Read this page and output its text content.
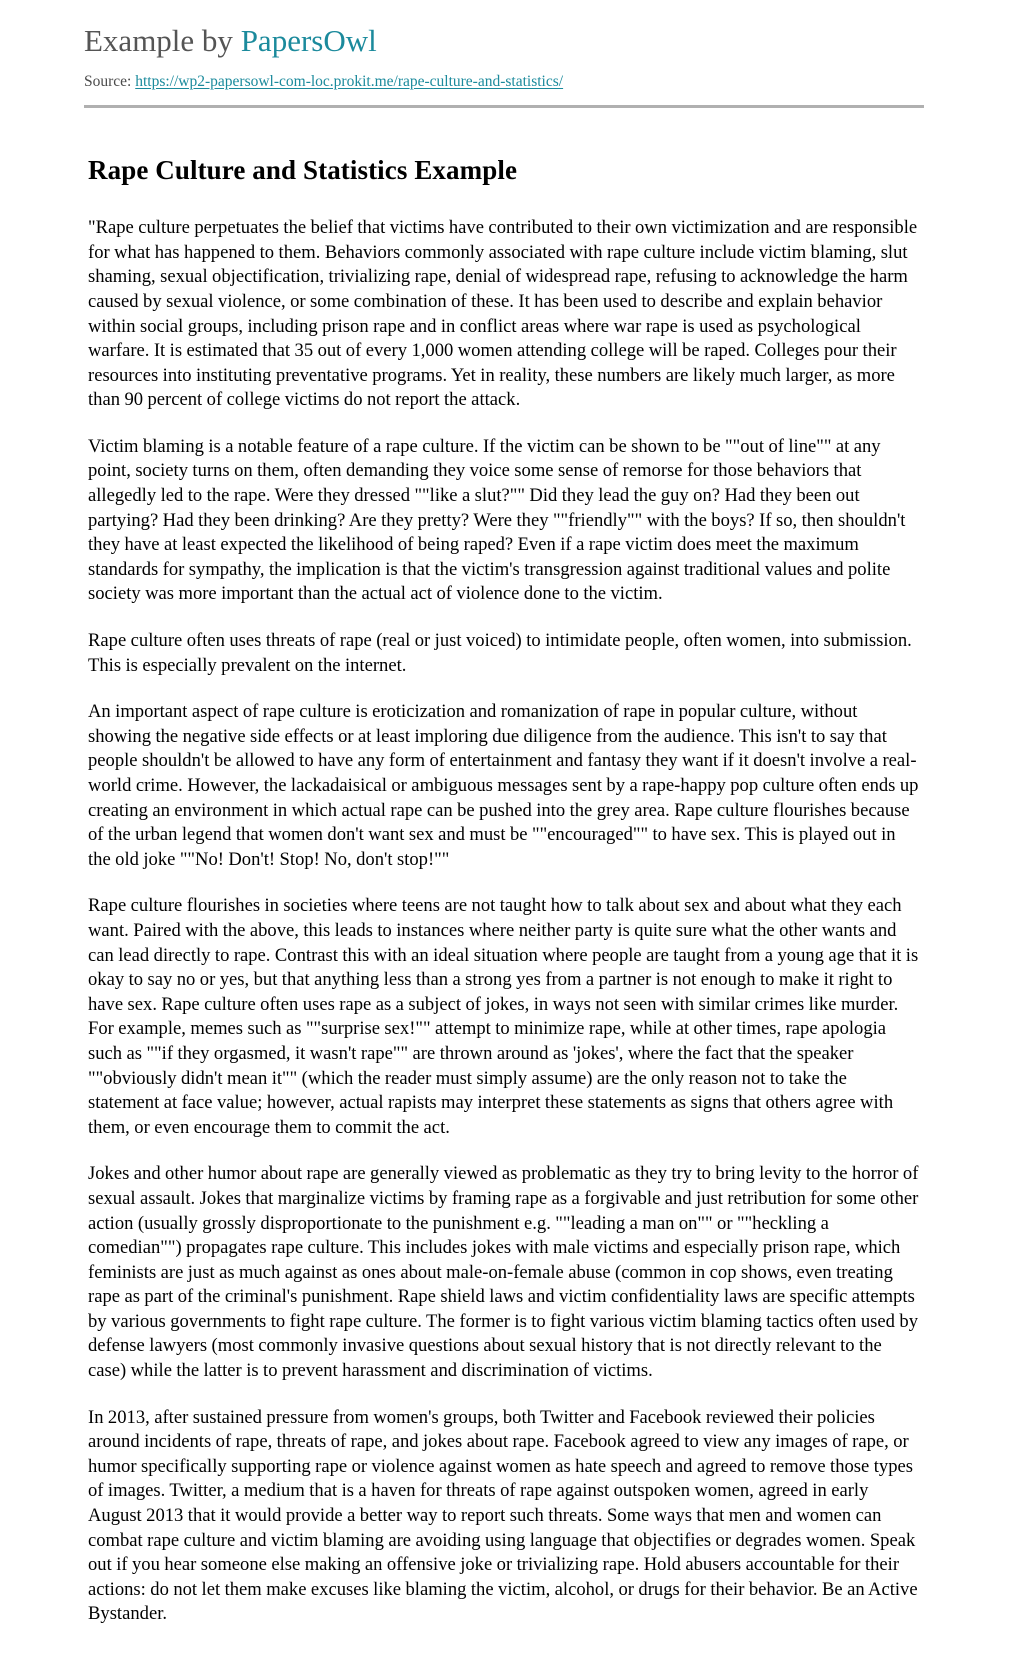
Example by PapersOwl
Source: https://wp2-papersowl-com-loc.prokit.me/rape-culture-and-statistics/
Rape Culture and Statistics Example

"Rape culture perpetuates the belief that victims have contributed to their own victimization and are responsible for what has happened to them. Behaviors commonly associated with rape culture include victim blaming, slut shaming, sexual objectification, trivializing rape, denial of widespread rape, refusing to acknowledge the harm caused by sexual violence, or some combination of these. It has been used to describe and explain behavior within social groups, including prison rape and in conflict areas where war rape is used as psychological warfare. It is estimated that 35 out of every 1,000 women attending college will be raped. Colleges pour their resources into instituting preventative programs. Yet in reality, these numbers are likely much larger, as more than 90 percent of college victims do not report the attack.

Victim blaming is a notable feature of a rape culture. If the victim can be shown to be ""out of line"" at any point, society turns on them, often demanding they voice some sense of remorse for those behaviors that allegedly led to the rape. Were they dressed ""like a slut?"" Did they lead the guy on? Had they been out partying? Had they been drinking? Are they pretty? Were they ""friendly"" with the boys? If so, then shouldn't they have at least expected the likelihood of being raped? Even if a rape victim does meet the maximum standards for sympathy, the implication is that the victim's transgression against traditional values and polite society was more important than the actual act of violence done to the victim.

Rape culture often uses threats of rape (real or just voiced) to intimidate people, often women, into submission. This is especially prevalent on the internet.

An important aspect of rape culture is eroticization and romanization of rape in popular culture, without showing the negative side effects or at least imploring due diligence from the audience. This isn't to say that people shouldn't be allowed to have any form of entertainment and fantasy they want if it doesn't involve a real-world crime. However, the lackadaisical or ambiguous messages sent by a rape-happy pop culture often ends up creating an environment in which actual rape can be pushed into the grey area. Rape culture flourishes because of the urban legend that women don't want sex and must be ""encouraged"" to have sex. This is played out in the old joke ""No! Don't! Stop! No, don't stop!""

Rape culture flourishes in societies where teens are not taught how to talk about sex and about what they each want. Paired with the above, this leads to instances where neither party is quite sure what the other wants and can lead directly to rape. Contrast this with an ideal situation where people are taught from a young age that it is okay to say no or yes, but that anything less than a strong yes from a partner is not enough to make it right to have sex. Rape culture often uses rape as a subject of jokes, in ways not seen with similar crimes like murder. For example, memes such as ""surprise sex!"" attempt to minimize rape, while at other times, rape apologia such as ""if they orgasmed, it wasn't rape"" are thrown around as 'jokes', where the fact that the speaker ""obviously didn't mean it"" (which the reader must simply assume) are the only reason not to take the statement at face value; however, actual rapists may interpret these statements as signs that others agree with them, or even encourage them to commit the act.

Jokes and other humor about rape are generally viewed as problematic as they try to bring levity to the horror of sexual assault. Jokes that marginalize victims by framing rape as a forgivable and just retribution for some other action (usually grossly disproportionate to the punishment e.g. ""leading a man on"" or ""heckling a comedian"") propagates rape culture. This includes jokes with male victims and especially prison rape, which feminists are just as much against as ones about male-on-female abuse (common in cop shows, even treating rape as part of the criminal's punishment. Rape shield laws and victim confidentiality laws are specific attempts by various governments to fight rape culture. The former is to fight various victim blaming tactics often used by defense lawyers (most commonly invasive questions about sexual history that is not directly relevant to the case) while the latter is to prevent harassment and discrimination of victims.

In 2013, after sustained pressure from women's groups, both Twitter and Facebook reviewed their policies around incidents of rape, threats of rape, and jokes about rape. Facebook agreed to view any images of rape, or humor specifically supporting rape or violence against women as hate speech and agreed to remove those types of images. Twitter, a medium that is a haven for threats of rape against outspoken women, agreed in early August 2013 that it would provide a better way to report such threats. Some ways that men and women can combat rape culture and victim blaming are avoiding using language that objectifies or degrades women. Speak out if you hear someone else making an offensive joke or trivializing rape. Hold abusers accountable for their actions: do not let them make excuses like blaming the victim, alcohol, or drugs for their behavior. Be an Active Bystander.
